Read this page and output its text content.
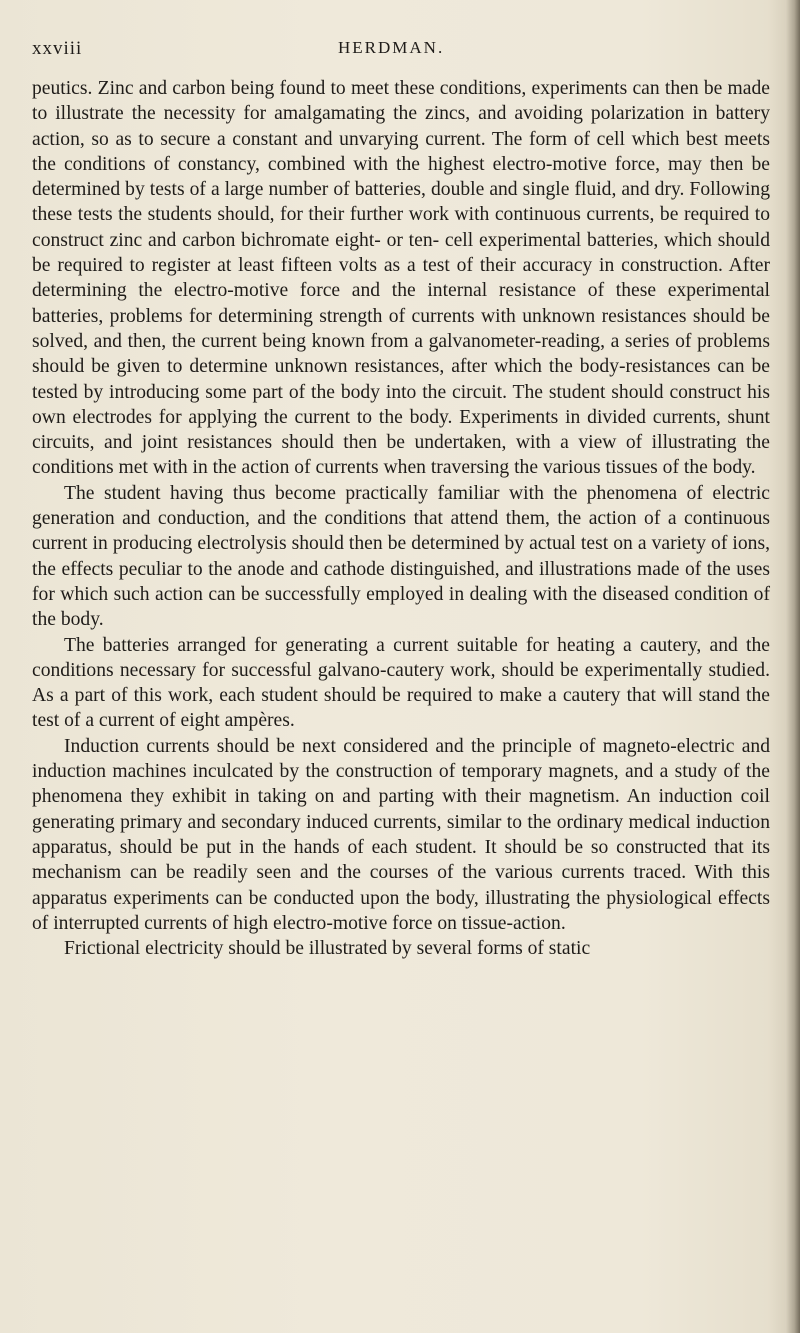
xxviii	HERDMAN.

peutics. Zinc and carbon being found to meet these conditions, experiments can then be made to illustrate the necessity for amalgamating the zincs, and avoiding polarization in battery action, so as to secure a constant and unvarying current. The form of cell which best meets the conditions of constancy, combined with the highest electro-motive force, may then be determined by tests of a large number of batteries, double and single fluid, and dry. Following these tests the students should, for their further work with continuous currents, be required to construct zinc and carbon bichromate eight- or ten- cell experimental batteries, which should be required to register at least fifteen volts as a test of their accuracy in construction. After determining the electro-motive force and the internal resistance of these experimental batteries, problems for determining strength of currents with unknown resistances should be solved, and then, the current being known from a galvanometer-reading, a series of problems should be given to determine unknown resistances, after which the body-resistances can be tested by introducing some part of the body into the circuit. The student should construct his own electrodes for applying the current to the body. Experiments in divided currents, shunt circuits, and joint resistances should then be undertaken, with a view of illustrating the conditions met with in the action of currents when traversing the various tissues of the body.

The student having thus become practically familiar with the phenomena of electric generation and conduction, and the conditions that attend them, the action of a continuous current in producing electrolysis should then be determined by actual test on a variety of ions, the effects peculiar to the anode and cathode distinguished, and illustrations made of the uses for which such action can be successfully employed in dealing with the diseased condition of the body.

The batteries arranged for generating a current suitable for heating a cautery, and the conditions necessary for successful galvano-cautery work, should be experimentally studied. As a part of this work, each student should be required to make a cautery that will stand the test of a current of eight ampères.

Induction currents should be next considered and the principle of magneto-electric and induction machines inculcated by the construction of temporary magnets, and a study of the phenomena they exhibit in taking on and parting with their magnetism. An induction coil generating primary and secondary induced currents, similar to the ordinary medical induction apparatus, should be put in the hands of each student. It should be so constructed that its mechanism can be readily seen and the courses of the various currents traced. With this apparatus experiments can be conducted upon the body, illustrating the physiological effects of interrupted currents of high electro-motive force on tissue-action.

Frictional electricity should be illustrated by several forms of static
